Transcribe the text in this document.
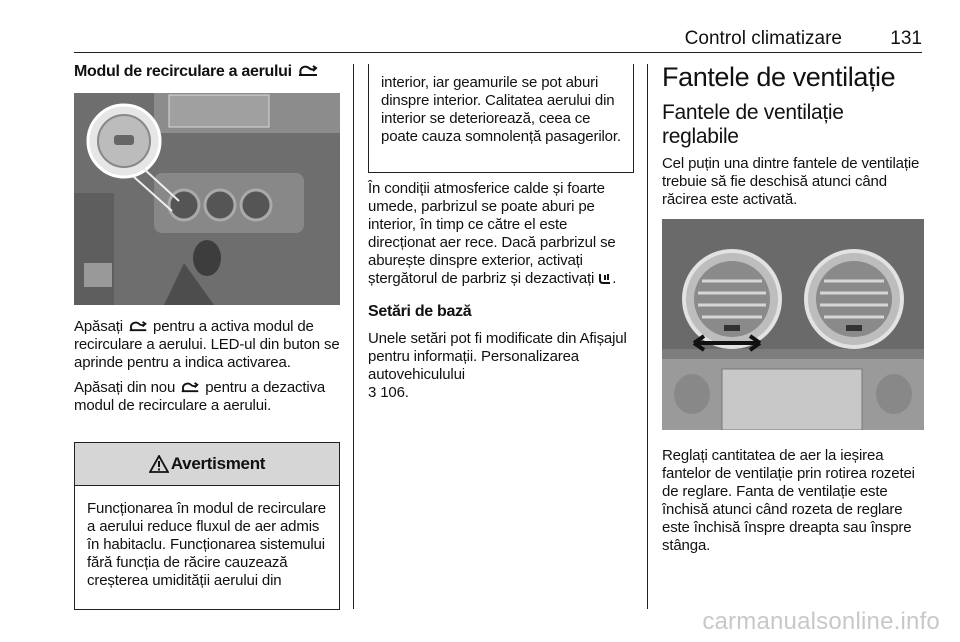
Control climatizare	131
Modul de recirculare a aerului

Apăsați pentru a activa modul de recirculare a aerului. LED-ul din buton se aprinde pentru a indica activarea.

Apăsați din nou pentru a dezactiva modul de recirculare a aerului.

Avertisment

Funcționarea în modul de recirculare a aerului reduce fluxul de aer admis în habitaclu. Funcționarea sistemului fără funcția de răcire cauzează creșterea umidității aerului din

interior, iar geamurile se pot aburi dinspre interior. Calitatea aerului din interior se deteriorează, ceea ce poate cauza somnolență pasagerilor.

În condiții atmosferice calde și foarte umede, parbrizul se poate aburi pe interior, în timp ce către el este direcționat aer rece. Dacă parbrizul se aburește dinspre exterior, activați ștergătorul de parbriz și dezactivați .

Setări de bază

Unele setări pot fi modificate din Afișajul pentru informații. Personalizarea autovehiculului
3 106.

Fantele de ventilație
Fantele de ventilație reglabile

Cel puțin una dintre fantele de ventilație trebuie să fie deschisă atunci când răcirea este activată.

Reglați cantitatea de aer la ieșirea fantelor de ventilație prin rotirea rozetei de reglare. Fanta de ventilație este închisă atunci când rozeta de reglare este închisă înspre dreapta sau înspre stânga.

carmanualsonline.info
